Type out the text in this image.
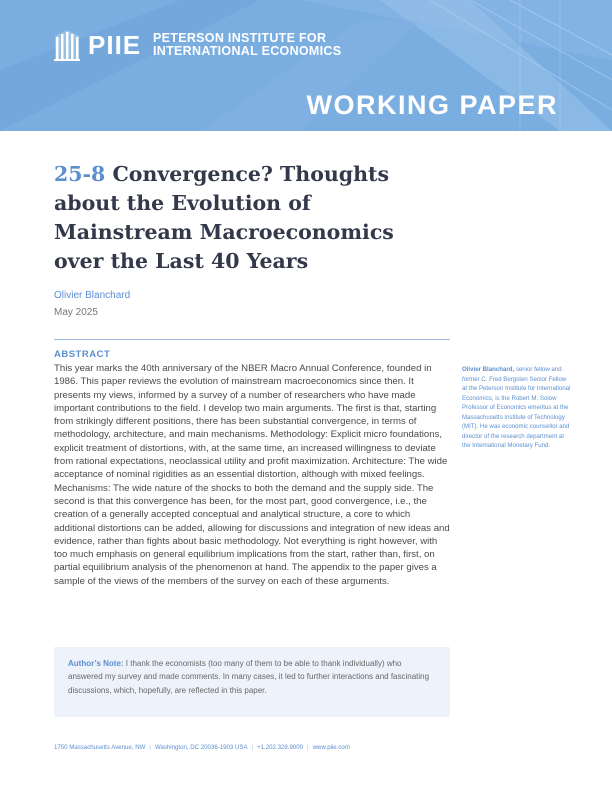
PIIE PETERSON INSTITUTE FOR
INTERNATIONAL ECONOMICS
WORKING PAPER
25-8 Convergence? Thoughts about the Evolution of Mainstream Macroeconomics over the Last 40 Years
Olivier Blanchard
May 2025
ABSTRACT

This year marks the 40th anniversary of the NBER Macro Annual Conference, founded in 1986. This paper reviews the evolution of mainstream macroeconomics since then. It presents my views, informed by a survey of a number of researchers who have made important contributions to the field. I develop two main arguments. The first is that, starting from strikingly different positions, there has been substantial convergence, in terms of methodology, architecture, and main mechanisms. Methodology: Explicit micro foundations, explicit treatment of distortions, with, at the same time, an increased willingness to deviate from rational expectations, neoclassical utility and profit maximization. Architecture: The wide acceptance of nominal rigidities as an essential distortion, although with mixed feelings. Mechanisms: The wide nature of the shocks to both the demand and the supply side. The second is that this convergence has been, for the most part, good convergence, i.e., the creation of a generally accepted conceptual and analytical structure, a core to which additional distortions can be added, allowing for discussions and integration of new ideas and evidence, rather than fights about basic methodology. Not everything is right however, with too much emphasis on general equilibrium implications from the start, rather than, first, on partial equilibrium analysis of the phenomenon at hand. The appendix to the paper gives a sample of the views of the members of the survey on each of these arguments.

Olivier Blanchard, senior fellow and former C. Fred Bergsten Senior Fellow at the Peterson Institute for International Economics, is the Robert M. Solow Professor of Economics emeritus at the Massachusetts Institute of Technology (MIT). He was economic counsellor and director of the research department at the International Monetary Fund.

Author’s Note: I thank the economists (too many of them to be able to thank individually) who answered my survey and made comments. In many cases, it led to further interactions and fascinating discussions, which, hopefully, are reflected in this paper.

1750 Massachusetts Avenue, NW | Washington, DC 20036-1903 USA | +1.202.328.9000 | www.piie.com
